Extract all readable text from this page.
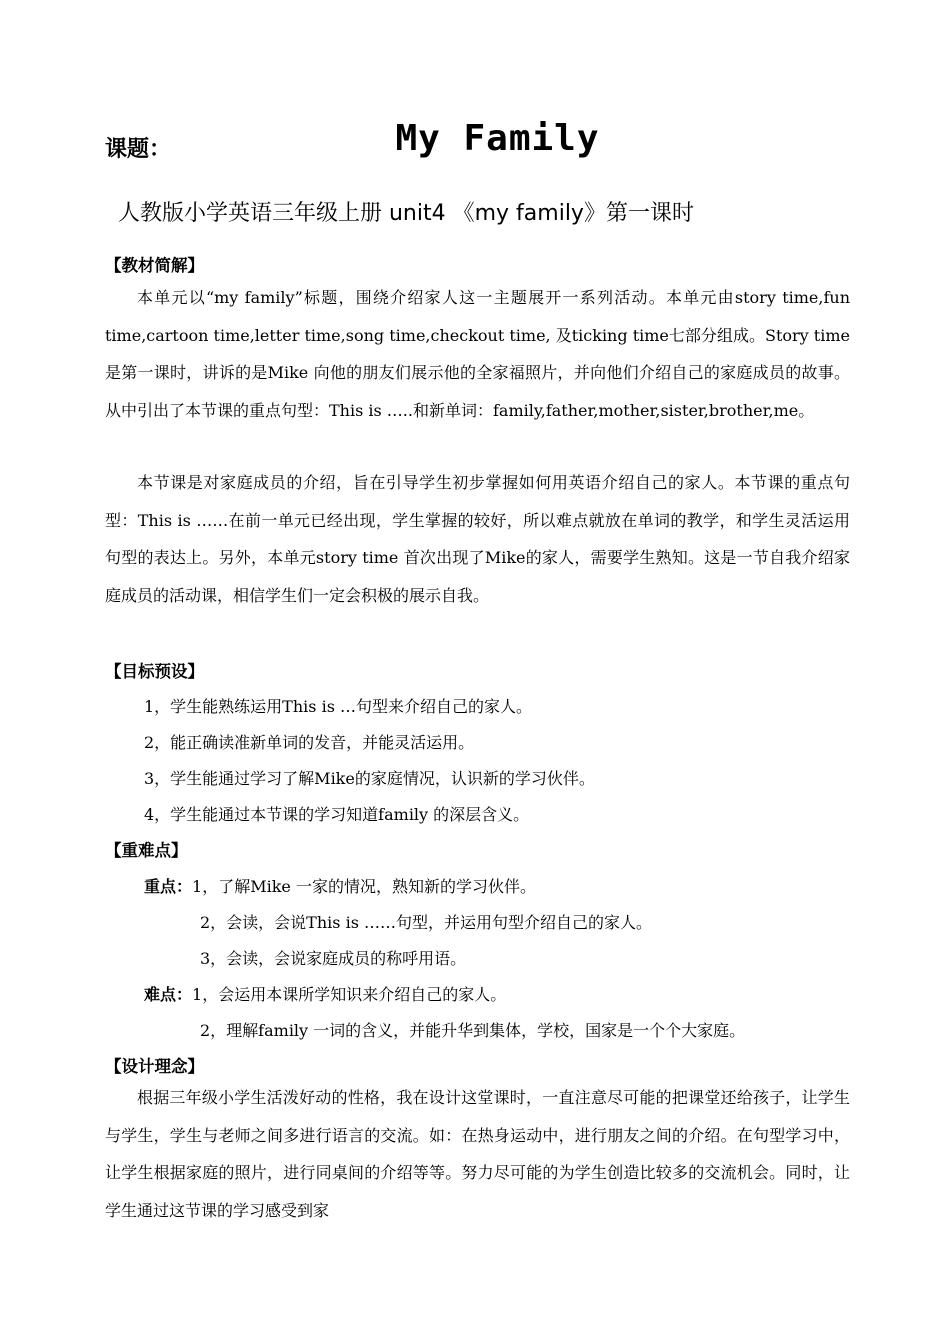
课题：	My Family
人教版小学英语三年级上册 unit4 《my family》第一课时
【教材简解】

本单元以“my family”标题，围绕介绍家人这一主题展开一系列活动。本单元由story time,fun time,cartoon time,letter time,song time,checkout time, 及ticking time七部分组成。Story time 是第一课时，讲诉的是Mike 向他的朋友们展示他的全家福照片，并向他们介绍自己的家庭成员的故事。从中引出了本节课的重点句型：This is …..和新单词：family,father,mother,sister,brother,me。

本节课是对家庭成员的介绍，旨在引导学生初步掌握如何用英语介绍自己的家人。本节课的重点句型：This is ……在前一单元已经出现，学生掌握的较好，所以难点就放在单词的教学，和学生灵活运用句型的表达上。另外，本单元story time 首次出现了Mike的家人，需要学生熟知。这是一节自我介绍家庭成员的活动课，相信学生们一定会积极的展示自我。

【目标预设】
1，学生能熟练运用This is …句型来介绍自己的家人。
2，能正确读准新单词的发音，并能灵活运用。
3，学生能通过学习了解Mike的家庭情况，认识新的学习伙伴。
4，学生能通过本节课的学习知道family 的深层含义。
【重难点】
重点：1，了解Mike 一家的情况，熟知新的学习伙伴。
2，会读，会说This is ……句型，并运用句型介绍自己的家人。
3，会读，会说家庭成员的称呼用语。
难点：1，会运用本课所学知识来介绍自己的家人。
2，理解family 一词的含义，并能升华到集体，学校，国家是一个个大家庭。
【设计理念】

根据三年级小学生活泼好动的性格，我在设计这堂课时，一直注意尽可能的把课堂还给孩子，让学生与学生，学生与老师之间多进行语言的交流。如：在热身运动中，进行朋友之间的介绍。在句型学习中，让学生根据家庭的照片，进行同桌间的介绍等等。努力尽可能的为学生创造比较多的交流机会。同时，让学生通过这节课的学习感受到家
